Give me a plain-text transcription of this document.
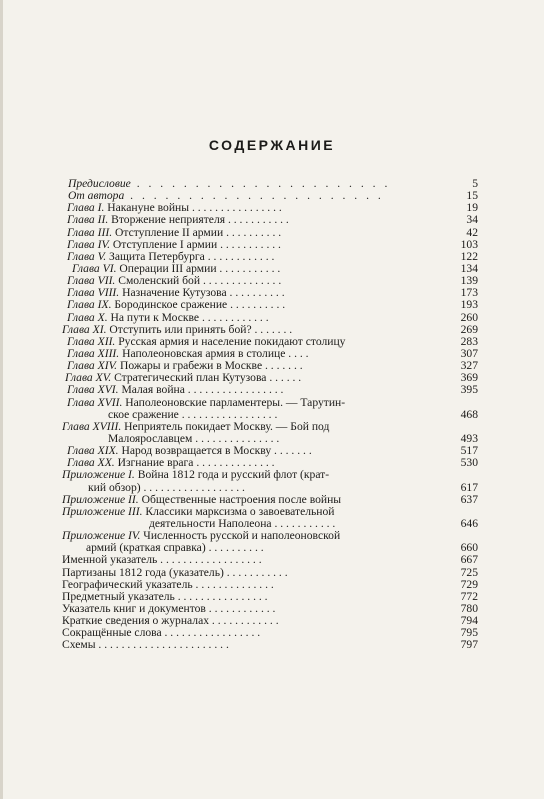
СОДЕРЖАНИЕ
Предисловие . . . . . . . . . . . . . . . . . . . . . .	5
От автора . . . . . . . . . . . . . . . . . . . . . .	15
Глава I. Накануне войны . . . . . . . . . . . . . . . .	19
Глава II. Вторжение неприятеля . . . . . . . . . . .	34
Глава III. Отступление II армии . . . . . . . . . .	42
Глава IV. Отступление I армии . . . . . . . . . . .	103
Глава V. Защита Петербурга . . . . . . . . . . . .	122
Глава VI. Операции III армии . . . . . . . . . . .	134
Глава VII. Смоленский бой . . . . . . . . . . . . . .	139
Глава VIII. Назначение Кутузова . . . . . . . . . .	173
Глава IX. Бородинское сражение . . . . . . . . . .	193
Глава X. На пути к Москве . . . . . . . . . . . .	260
Глава XI. Отступить или принять бой? . . . . . . .	269
Глава XII. Русская армия и население покидают столицу	283
Глава XIII. Наполеоновская армия в столице . . . .	307
Глава XIV. Пожары и грабежи в Москве . . . . . . .	327
Глава XV. Стратегический план Кутузова . . . . . .	369
Глава XVI. Малая война . . . . . . . . . . . . . . . . .	395
Глава XVII. Наполеоновские парламентеры. — Тарутин-
ское сражение . . . . . . . . . . . . . . . . .	468
Глава XVIII. Неприятель покидает Москву. — Бой под
Малоярославцем . . . . . . . . . . . . . . .	493
Глава XIX. Народ возвращается в Москву . . . . . . .	517
Глава XX. Изгнание врага . . . . . . . . . . . . . .	530
Приложение I. Война 1812 года и русский флот (крат-
кий обзор) . . . . . . . . . . . . . . . . . .	617
Приложение II. Общественные настроения после войны	637
Приложение III. Классики марксизма о завоевательной
деятельности Наполеона . . . . . . . . . . .	646
Приложение IV. Численность русской и наполеоновской
армий (краткая справка) . . . . . . . . . .	660
Именной указатель . . . . . . . . . . . . . . . . . .	667
Партизаны 1812 года (указатель) . . . . . . . . . . .	725
Географический указатель . . . . . . . . . . . . . .	729
Предметный указатель . . . . . . . . . . . . . . . .	772
Указатель книг и документов . . . . . . . . . . . .	780
Краткие сведения о журналах . . . . . . . . . . . .	794
Сокращённые слова . . . . . . . . . . . . . . . . .	795
Схемы . . . . . . . . . . . . . . . . . . . . . . .	797
